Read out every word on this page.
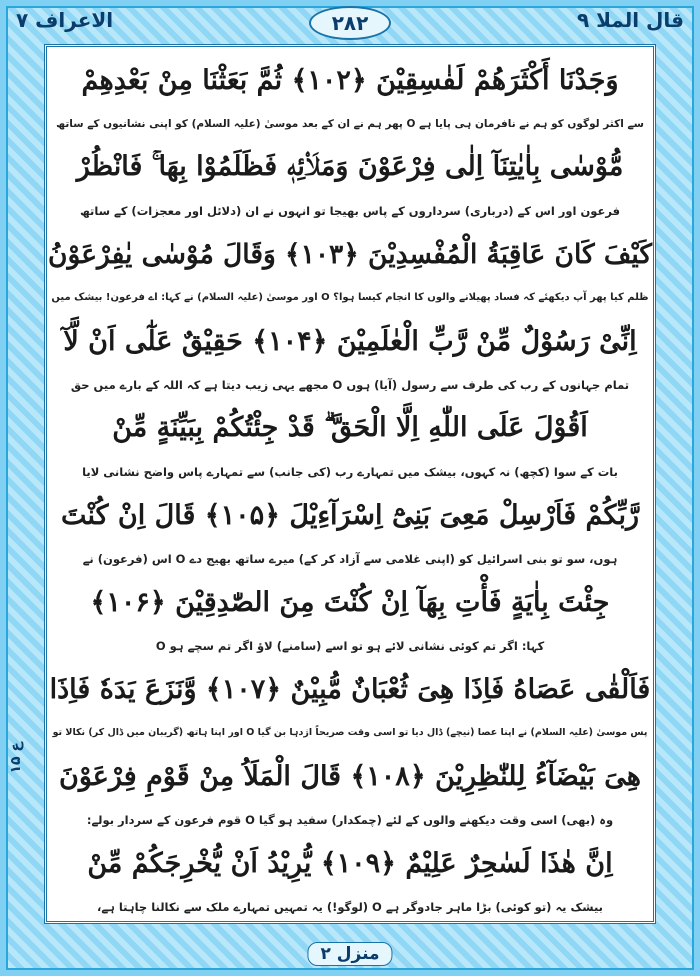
قال الملا ۹
۲۸۲
الاعراف ۷
وَجَدْنَا أَكْثَرَهُمْ لَفٰسِقِيْنَ ﴿۱۰۲﴾ ثُمَّ بَعَثْنَا مِنْ بَعْدِهِمْ
سے اکثر لوگوں کو ہم نے نافرمان ہی پایا ہے O پھر ہم نے ان کے بعد موسیٰ (علیہ السلام) کو اپنی نشانیوں کے ساتھ
مُّوْسٰى بِاٰيٰتِنَآ اِلٰى فِرْعَوْنَ وَمَلَا۟ئِهٖ فَظَلَمُوْا بِهَا ۚ فَانْظُرْ
فرعون اور اس کے (درباری) سرداروں کے پاس بھیجا تو انہوں نے ان (دلائل اور معجزات) کے ساتھ
كَيْفَ كَانَ عَاقِبَةُ الْمُفْسِدِيْنَ ﴿۱۰۳﴾ وَقَالَ مُوْسٰى يٰفِرْعَوْنُ
ظلم کیا پھر آپ دیکھئے کہ فساد پھیلانے والوں کا انجام کیسا ہوا؟ O اور موسیٰ (علیہ السلام) نے کہا: اے فرعون! بیشک میں
اِنِّىْ رَسُوْلٌ مِّنْ رَّبِّ الْعٰلَمِيْنَ ﴿۱۰۴﴾ حَقِيْقٌ عَلٰٓى اَنْ لَّآ
تمام جہانوں کے رب کی طرف سے رسول (آیا) ہوں O مجھے یہی زیب دیتا ہے کہ اللہ کے بارے میں حق
اَقُوْلَ عَلَى اللّٰهِ اِلَّا الْحَقَّ ۗ قَدْ جِئْتُكُمْ بِبَيِّنَةٍ مِّنْ
بات کے سوا (کچھ) نہ کہوں، بیشک میں تمہارے رب (کی جانب) سے تمہارے پاس واضح نشانی لایا
رَّبِّكُمْ فَاَرْسِلْ مَعِىَ بَنِىْٓ اِسْرَآءِيْلَ ﴿۱۰۵﴾ قَالَ اِنْ كُنْتَ
ہوں، سو تو بنی اسرائیل کو (اپنی غلامی سے آزاد کر کے) میرے ساتھ بھیج دے O اس (فرعون) نے
جِئْتَ بِاٰيَةٍ فَأْتِ بِهَآ اِنْ كُنْتَ مِنَ الصّٰدِقِيْنَ ﴿۱۰۶﴾
کہا: اگر تم کوئی نشانی لائے ہو تو اسے (سامنے) لاؤ اگر تم سچے ہو O
فَاَلْقٰى عَصَاهُ فَاِذَا هِىَ ثُعْبَانٌ مُّبِيْنٌ ﴿۱۰۷﴾ وَّنَزَعَ يَدَهٗ فَاِذَا
پس موسیٰ (علیہ السلام) نے اپنا عصا (نیچے) ڈال دیا تو اسی وقت صریحاً اژدہا بن گیا O اور اپنا ہاتھ (گریبان میں ڈال کر) نکالا تو
هِىَ بَيْضَآءُ لِلنّٰظِرِيْنَ ﴿۱۰۸﴾ قَالَ الْمَلَاُ مِنْ قَوْمِ فِرْعَوْنَ
وہ (بھی) اسی وقت دیکھنے والوں کے لئے (چمکدار) سفید ہو گیا O قوم فرعون کے سردار بولے:
اِنَّ هٰذَا لَسٰحِرٌ عَلِيْمٌ ﴿۱۰۹﴾ يُّرِيْدُ اَنْ يُّخْرِجَكُمْ مِّنْ
بیشک یہ (تو کوئی) بڑا ماہر جادوگر ہے O (لوگو!) یہ تمہیں تمہارے ملک سے نکالنا چاہتا ہے،
۱۵ ع
منزل ۲
